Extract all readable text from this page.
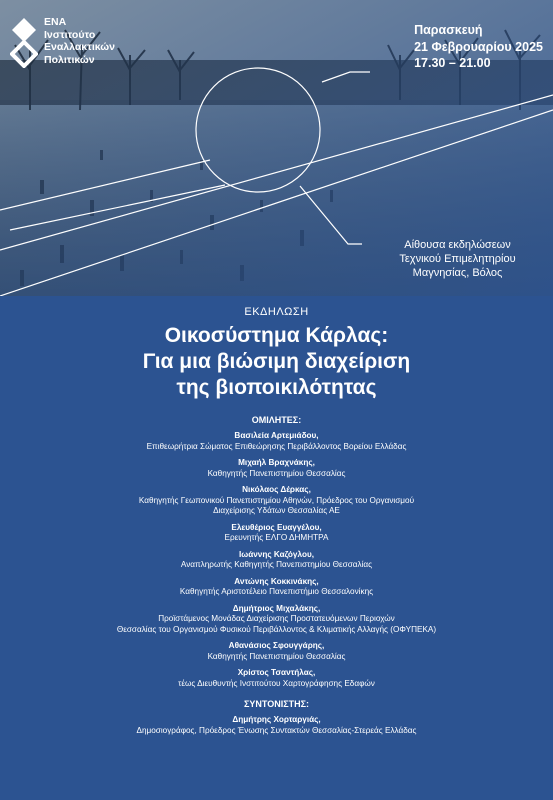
ΕΝΑ
Ινστιτούτο
Εναλλακτικών
Πολιτικών
Παρασκευή
21 Φεβρουαρίου 2025
17.30 – 21.00
Αίθουσα εκδηλώσεων
Τεχνικού Επιμελητηρίου
Μαγνησίας, Βόλος
ΕΚΔΗΛΩΣΗ
Οικοσύστημα Κάρλας:
Για μια βιώσιμη διαχείριση
της βιοποικιλότητας
ΟΜΙΛΗΤΕΣ:
Βασιλεία Αρτεμιάδου,
Επιθεωρήτρια Σώματος Επιθεώρησης Περιβάλλοντος Βορείου Ελλάδας
Μιχαήλ Βραχνάκης,
Καθηγητής Πανεπιστημίου Θεσσαλίας
Νικόλαος Δέρκας,
Καθηγητής Γεωπονικού Πανεπιστημίου Αθηνών, Πρόεδρος του Οργανισμού
Διαχείρισης Υδάτων Θεσσαλίας ΑΕ
Ελευθέριος Ευαγγέλου,
Ερευνητής ΕΛΓΟ ΔΗΜΗΤΡΑ
Ιωάννης Καζόγλου,
Αναπληρωτής Καθηγητής Πανεπιστημίου Θεσσαλίας
Αντώνης Κοκκινάκης,
Καθηγητής Αριστοτέλειο Πανεπιστήμιο Θεσσαλονίκης
Δημήτριος Μιχαλάκης,
Προϊστάμενος Μονάδας Διαχείρισης Προστατευόμενων Περιοχών
Θεσσαλίας του Οργανισμού Φυσικού Περιβάλλοντος & Κλιματικής Αλλαγής (ΟΦΥΠΕΚΑ)
Αθανάσιος Σφουγγάρης,
Καθηγητής Πανεπιστημίου Θεσσαλίας
Χρίστος Τσαντήλας,
τέως Διευθυντής Ινστιτούτου Χαρτογράφησης Εδαφών
ΣΥΝΤΟΝΙΣΤΗΣ:
Δημήτρης Χορταργιάς,
Δημοσιογράφος, Πρόεδρος Ένωσης Συντακτών Θεσσαλίας-Στερεάς Ελλάδας
